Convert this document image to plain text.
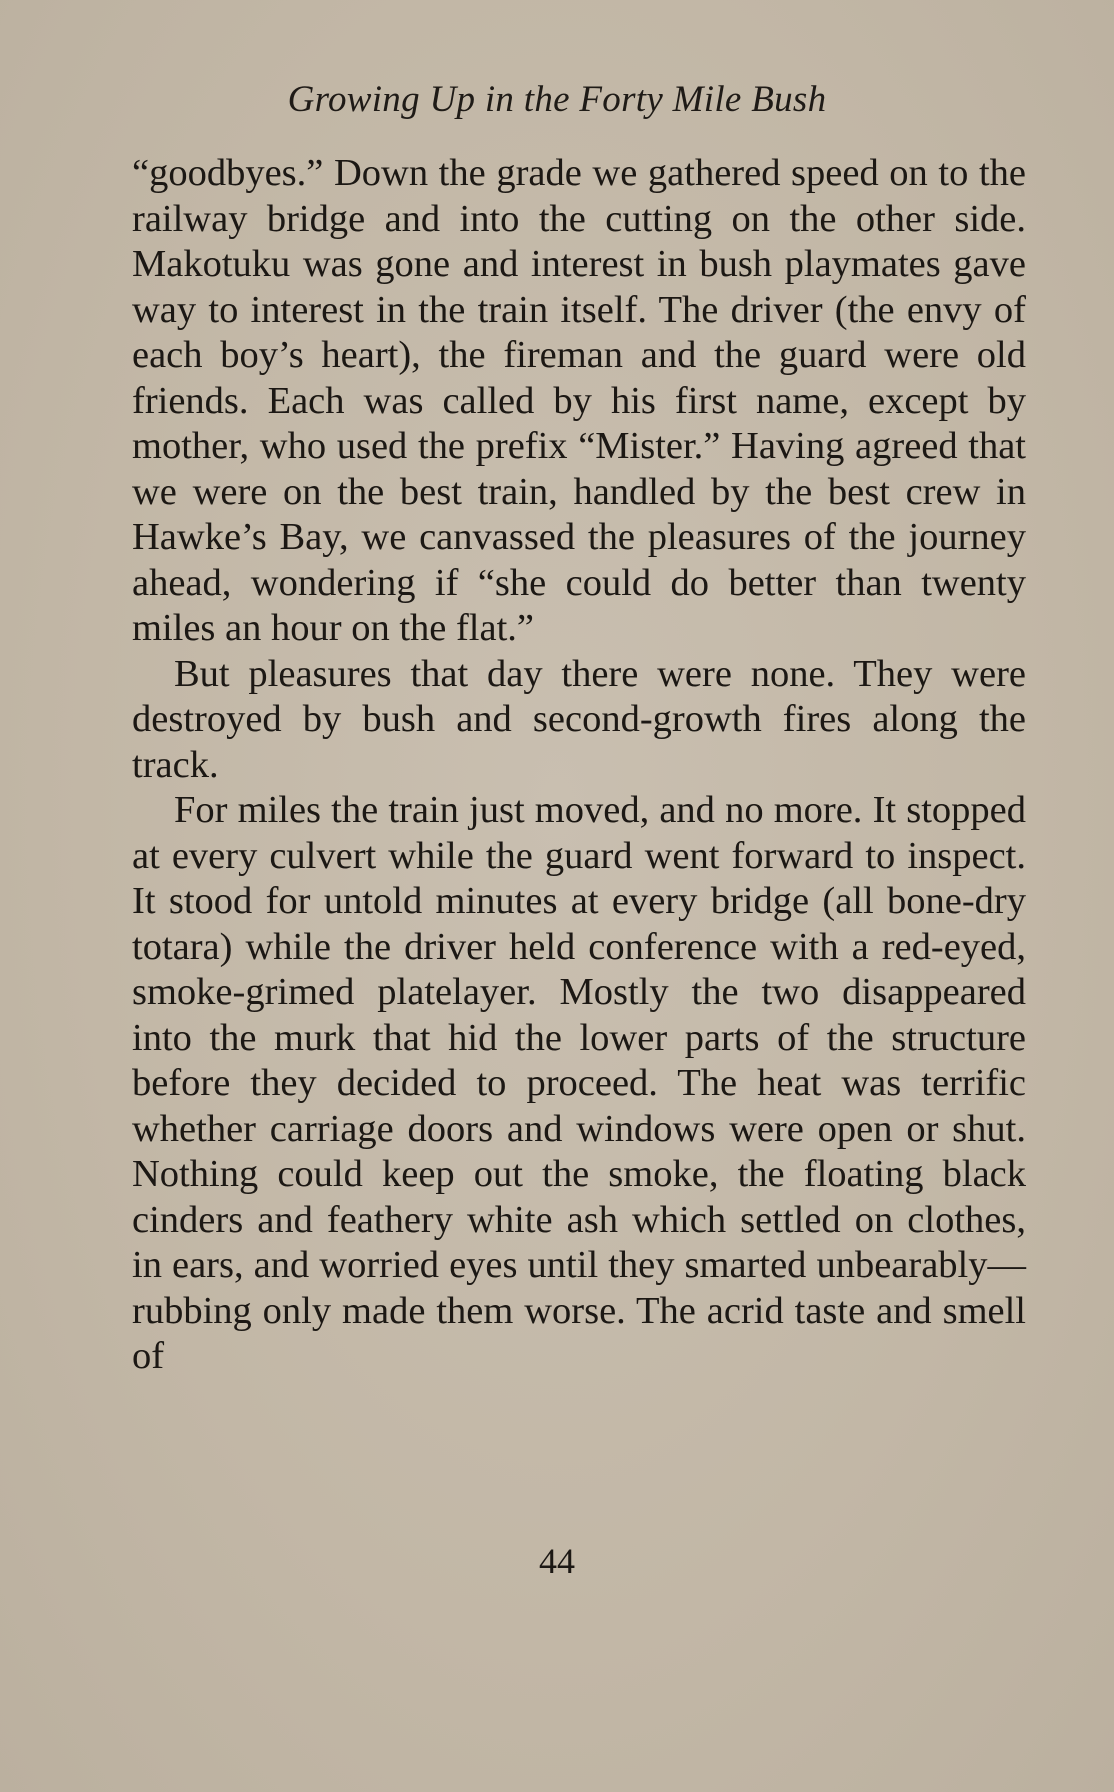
Growing Up in the Forty Mile Bush

“goodbyes.” Down the grade we gathered speed on to the railway bridge and into the cutting on the other side. Makotuku was gone and interest in bush playmates gave way to interest in the train itself. The driver (the envy of each boy’s heart), the fireman and the guard were old friends. Each was called by his first name, except by mother, who used the prefix “Mister.” Having agreed that we were on the best train, handled by the best crew in Hawke’s Bay, we canvassed the pleasures of the journey ahead, wondering if “she could do better than twenty miles an hour on the flat.”

But pleasures that day there were none. They were destroyed by bush and second-growth fires along the track.

For miles the train just moved, and no more. It stopped at every culvert while the guard went forward to inspect. It stood for untold minutes at every bridge (all bone-dry totara) while the driver held conference with a red-eyed, smoke-grimed platelayer. Mostly the two disappeared into the murk that hid the lower parts of the structure before they decided to proceed. The heat was terrific whether carriage doors and windows were open or shut. Nothing could keep out the smoke, the floating black cinders and feathery white ash which settled on clothes, in ears, and worried eyes until they smarted unbearably—rubbing only made them worse. The acrid taste and smell of

44
